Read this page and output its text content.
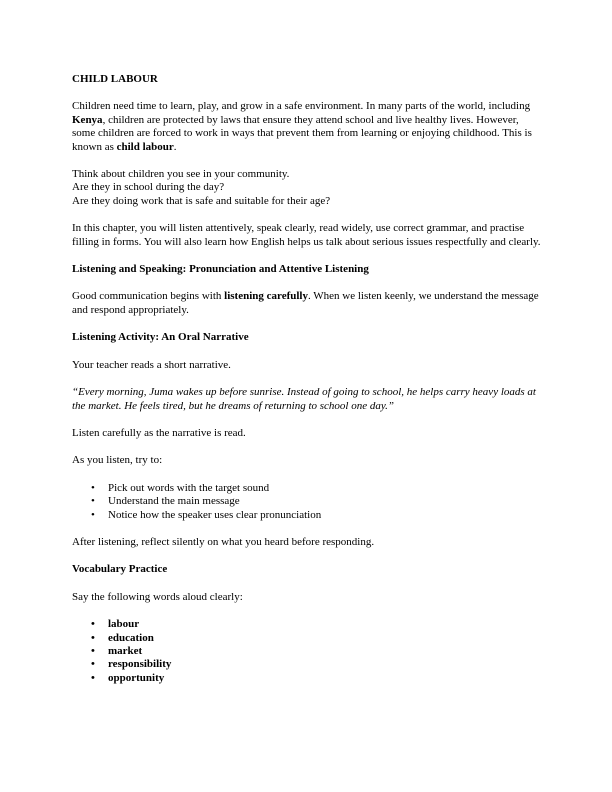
CHILD LABOUR

Children need time to learn, play, and grow in a safe environment. In many parts of the world, including Kenya, children are protected by laws that ensure they attend school and live healthy lives. However, some children are forced to work in ways that prevent them from learning or enjoying childhood. This is known as child labour.

Think about children you see in your community.

Are they in school during the day?

Are they doing work that is safe and suitable for their age?

In this chapter, you will listen attentively, speak clearly, read widely, use correct grammar, and practise filling in forms. You will also learn how English helps us talk about serious issues respectfully and clearly.

Listening and Speaking: Pronunciation and Attentive Listening

Good communication begins with listening carefully. When we listen keenly, we understand the message and respond appropriately.

Listening Activity: An Oral Narrative

Your teacher reads a short narrative.

“Every morning, Juma wakes up before sunrise. Instead of going to school, he helps carry heavy loads at the market. He feels tired, but he dreams of returning to school one day.”

Listen carefully as the narrative is read.

As you listen, try to:

• Pick out words with the target sound
• Understand the main message
• Notice how the speaker uses clear pronunciation

After listening, reflect silently on what you heard before responding.

Vocabulary Practice

Say the following words aloud clearly:

• labour
• education
• market
• responsibility
• opportunity
